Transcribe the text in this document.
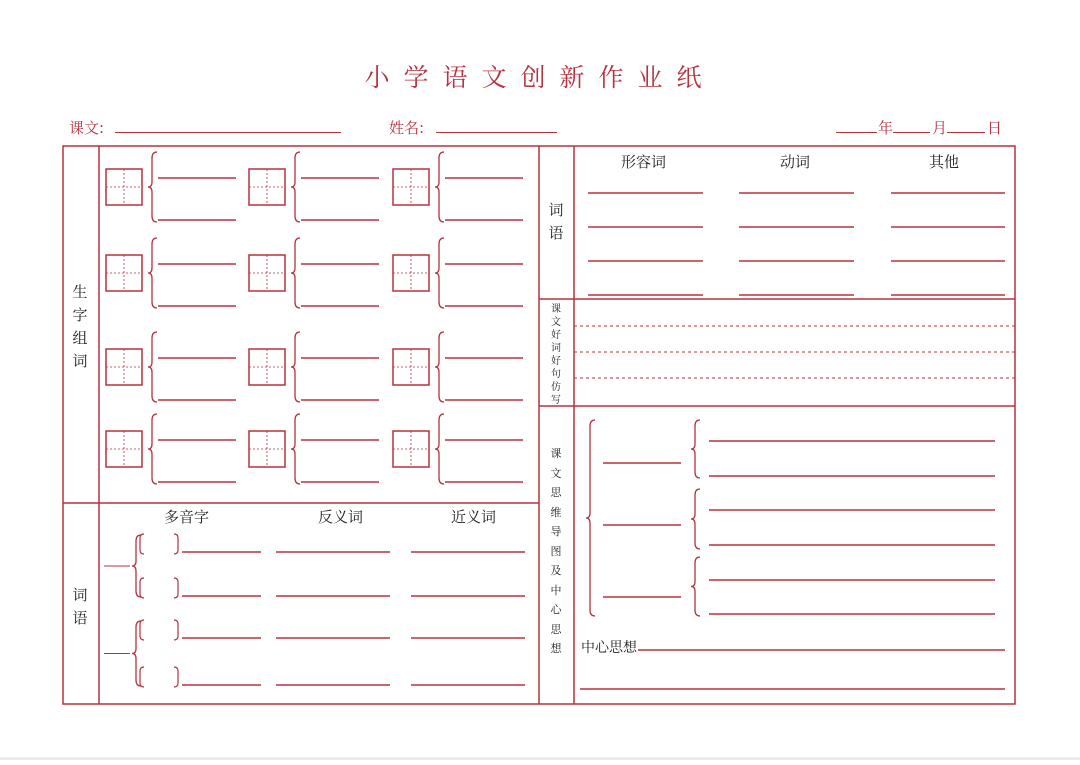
小学语文创新作业纸
课文:	姓名:	年	月	日
生
字
组
词
词
语
多音字	反义词	近义词
词
语
形容词	动词	其他
课
文
好
词
好
句
仿
写
课
文
思
维
导
图
及
中
心
思
想 中心思想
